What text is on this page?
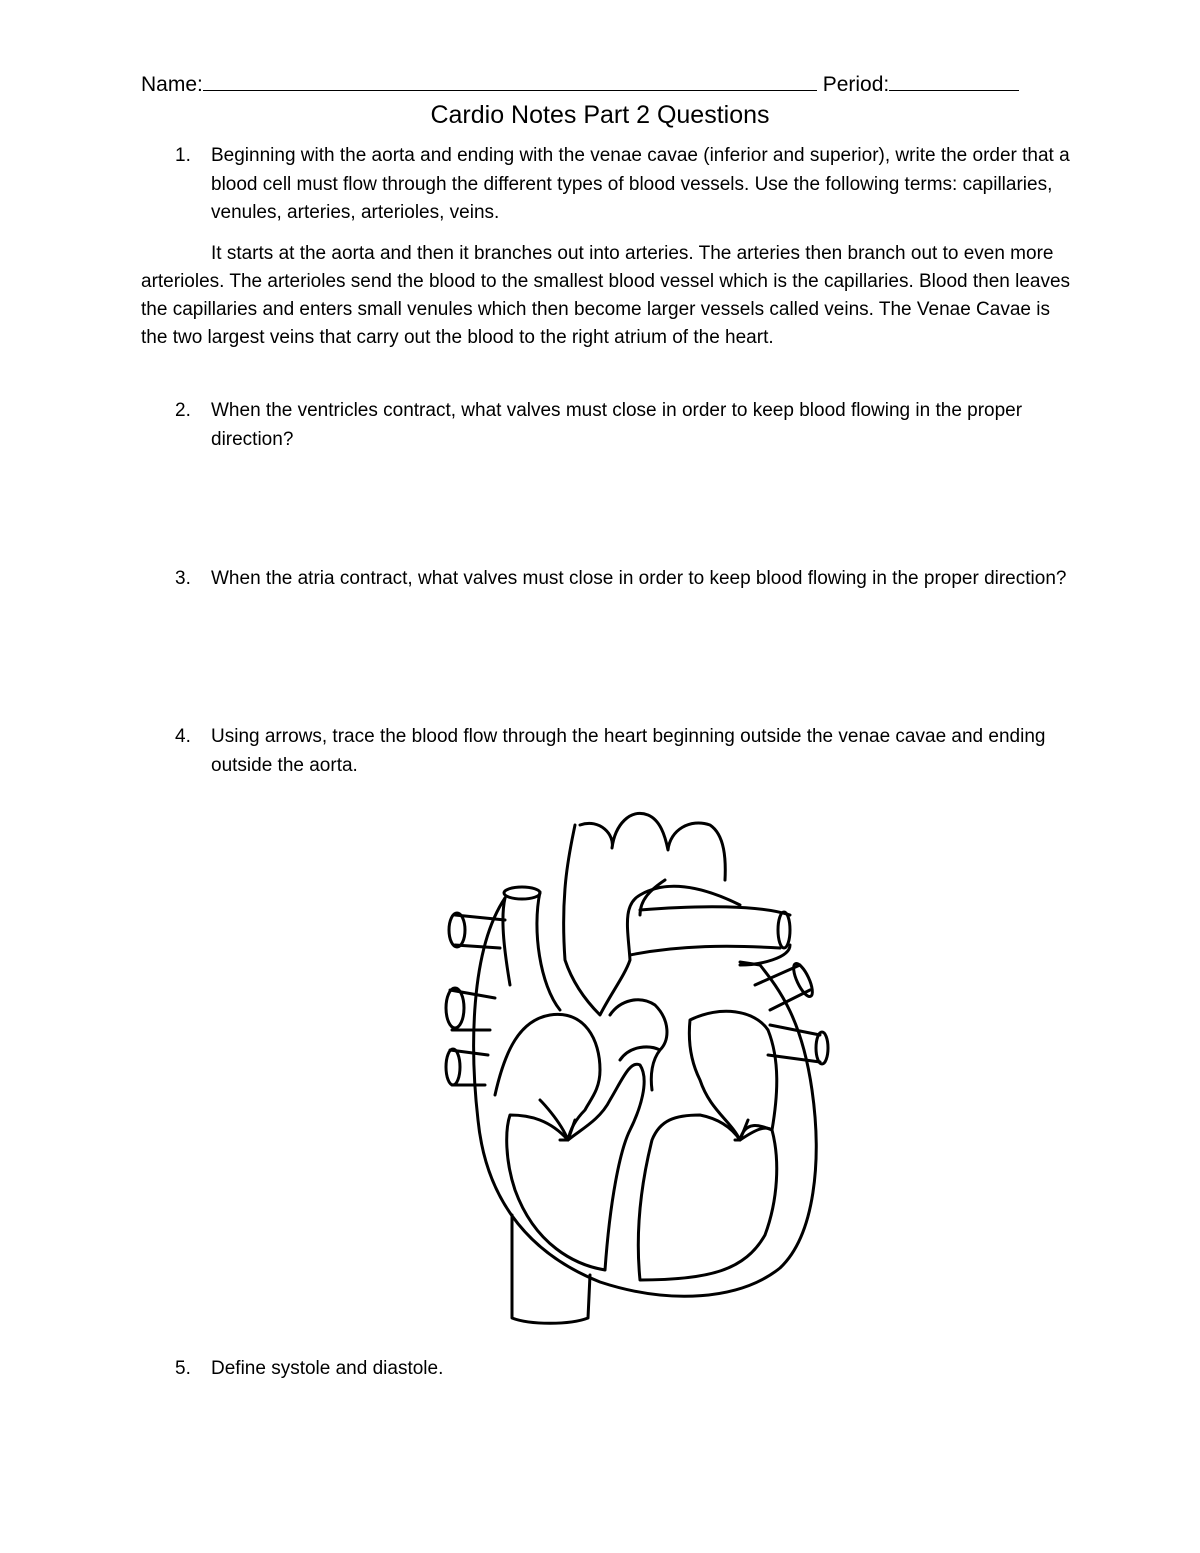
Name:	Period:
Cardio Notes Part 2 Questions
1.	Beginning with the aorta and ending with the venae cavae (inferior and superior), write the order that a blood cell must flow through the different types of blood vessels. Use the following terms: capillaries, venules, arteries, arterioles, veins.

It starts at the aorta and then it branches out into arteries. The arteries then branch out to even more arterioles. The arterioles send the blood to the smallest blood vessel which is the capillaries. Blood then leaves the capillaries and enters small venules which then become larger vessels called veins. The Venae Cavae is the two largest veins that carry out the blood to the right atrium of the heart.

2.	When the ventricles contract, what valves must close in order to keep blood flowing in the proper direction?
3.	When the atria contract, what valves must close in order to keep blood flowing in the proper direction?
4.	Using arrows, trace the blood flow through the heart beginning outside the venae cavae and ending outside the aorta.
5.	Define systole and diastole.
